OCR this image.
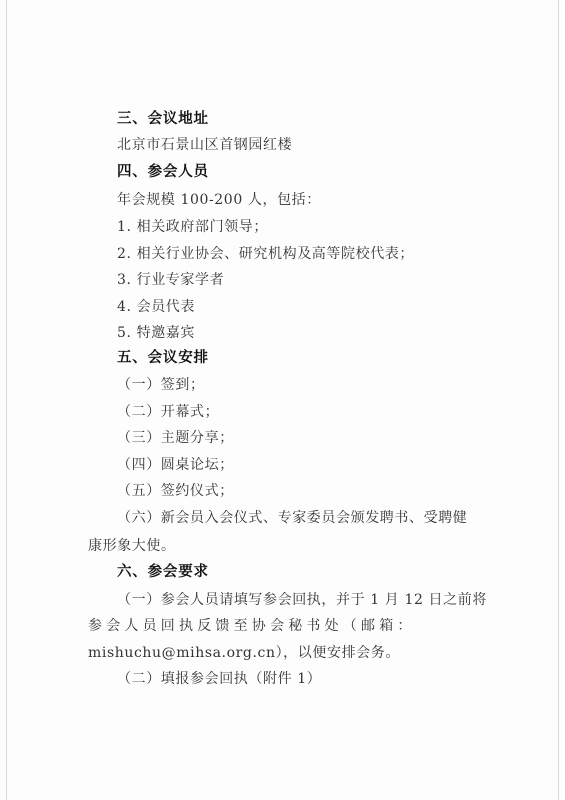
三、会议地址
北京市石景山区首钢园红楼
四、参会人员
年会规模 100-200 人，包括：
1. 相关政府部门领导；
2. 相关行业协会、研究机构及高等院校代表；
3. 行业专家学者
4. 会员代表
5. 特邀嘉宾
五、会议安排
（一）签到；
（二）开幕式；
（三）主题分享；
（四）圆桌论坛；
（五）签约仪式；
（六）新会员入会仪式、专家委员会颁发聘书、受聘健
康形象大使。
六、参会要求
（一）参会人员请填写参会回执，并于 1 月 12 日之前将
参会人员回执反馈至协会秘书处（邮箱：
mishuchu@mihsa.org.cn），以便安排会务。
（二）填报参会回执（附件 1）
